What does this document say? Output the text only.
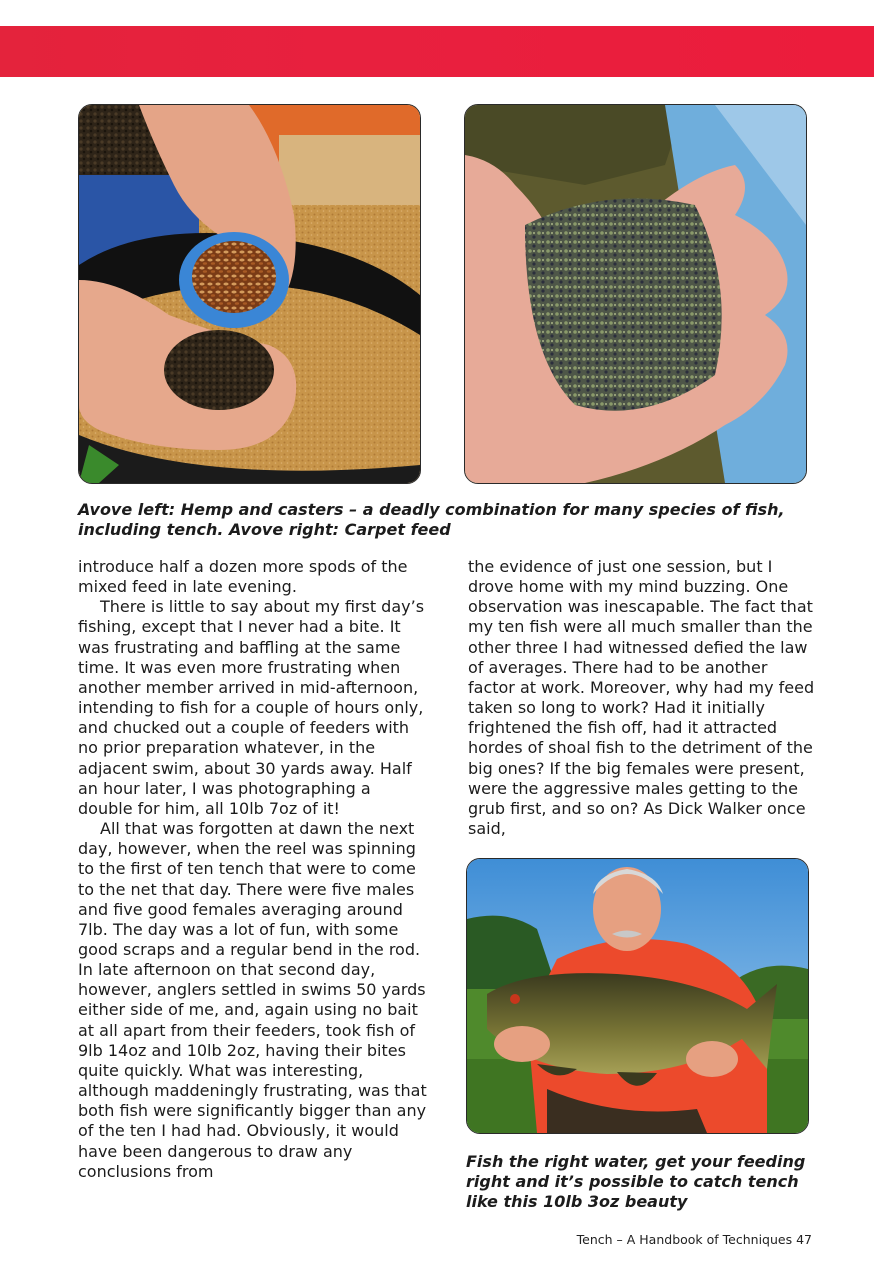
Avove left: Hemp and casters – a deadly combination for many species of fish, including tench. Avove right: Carpet feed

introduce half a dozen more spods of the mixed feed in late evening.

There is little to say about my first day’s fishing, except that I never had a bite. It was frustrating and baffling at the same time. It was even more frustrating when another member arrived in mid-afternoon, intending to fish for a couple of hours only, and chucked out a couple of feeders with no prior preparation whatever, in the adjacent swim, about 30 yards away. Half an hour later, I was photographing a double for him, all 10lb 7oz of it!

All that was forgotten at dawn the next day, however, when the reel was spinning to the first of ten tench that were to come to the net that day. There were five males and five good females averaging around 7lb. The day was a lot of fun, with some good scraps and a regular bend in the rod. In late afternoon on that second day, however, anglers settled in swims 50 yards either side of me, and, again using no bait at all apart from their feeders, took fish of 9lb 14oz and 10lb 2oz, having their bites quite quickly. What was interesting, although maddeningly frustrating, was that both fish were significantly bigger than any of the ten I had had. Obviously, it would have been dangerous to draw any conclusions from

the evidence of just one session, but I drove home with my mind buzzing. One observation was inescapable. The fact that my ten fish were all much smaller than the other three I had witnessed defied the law of averages. There had to be another factor at work. Moreover, why had my feed taken so long to work? Had it initially frightened the fish off, had it attracted hordes of shoal fish to the detriment of the big ones? If the big females were present, were the aggressive males getting to the grub first, and so on? As Dick Walker once said,

Fish the right water, get your feeding right and it’s possible to catch tench like this 10lb 3oz beauty
Tench – A Handbook of Techniques 47
